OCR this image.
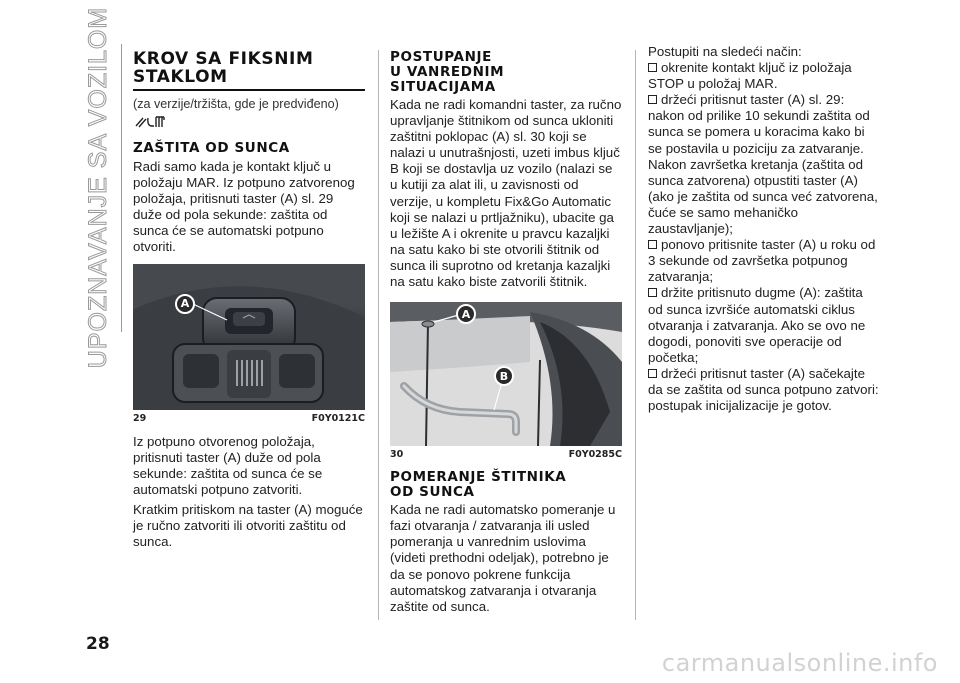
UPOZNAVANJE SA VOZILOM KROV SA FIKSNIM
STAKLOM
(za verzije/tržišta, gde je predviđeno)
ZAŠTITA OD SUNCA
Radi samo kada je kontakt ključ u položaju MAR. Iz potpuno zatvorenog položaja, pritisnuti taster (A) sl. 29 duže od pola sekunde: zaštita od sunca će se automatski potpuno otvoriti.
A
29	F0Y0121C
Iz potpuno otvorenog položaja, pritisnuti taster (A) duže od pola sekunde: zaštita od sunca će se automatski potpuno zatvoriti.
Kratkim pritiskom na taster (A) moguće je ručno zatvoriti ili otvoriti zaštitu od sunca.
POSTUPANJE
U VANREDNIM
SITUACIJAMA
Kada ne radi komandni taster, za ručno upravljanje štitnikom od sunca ukloniti zaštitni poklopac (A) sl. 30 koji se nalazi u unutrašnjosti, uzeti imbus ključ B koji se dostavlja uz vozilo (nalazi se u kutiji za alat ili, u zavisnosti od verzije, u kompletu Fix&Go Automatic koji se nalazi u prtljažniku), ubacite ga u ležište A i okrenite u pravcu kazaljki na satu kako bi ste otvorili štitnik od sunca ili suprotno od kretanja kazaljki na satu kako biste zatvorili štitnik.
A
B
30	F0Y0285C
POMERANJE ŠTITNIKA
OD SUNCA
Kada ne radi automatsko pomeranje u fazi otvaranja / zatvaranja ili usled pomeranja u vanrednim uslovima (videti prethodni odeljak), potrebno je da se ponovo pokrene funkcija automatskog zatvaranja i otvaranja zaštite od sunca.
Postupiti na sledeći način:
okrenite kontakt ključ iz položaja STOP u položaj MAR.
držeći pritisnut taster (A) sl. 29: nakon od prilike 10 sekundi zaštita od sunca se pomera u koracima kako bi se postavila u poziciju za zatvaranje. Nakon završetka kretanja (zaštita od sunca zatvorena) otpustiti taster (A) (ako je zaštita od sunca već zatvorena, čuće se samo mehaničko zaustavljanje);
ponovo pritisnite taster (A) u roku od 3 sekunde od završetka potpunog zatvaranja;
držite pritisnuto dugme (A): zaštita od sunca izvršiće automatski ciklus otvaranja i zatvaranja. Ako se ovo ne dogodi, ponoviti sve operacije od početka;
držeći pritisnut taster (A) sačekajte da se zaštita od sunca potpuno zatvori: postupak inicijalizacije je gotov.
28
carmanualsonline.info
